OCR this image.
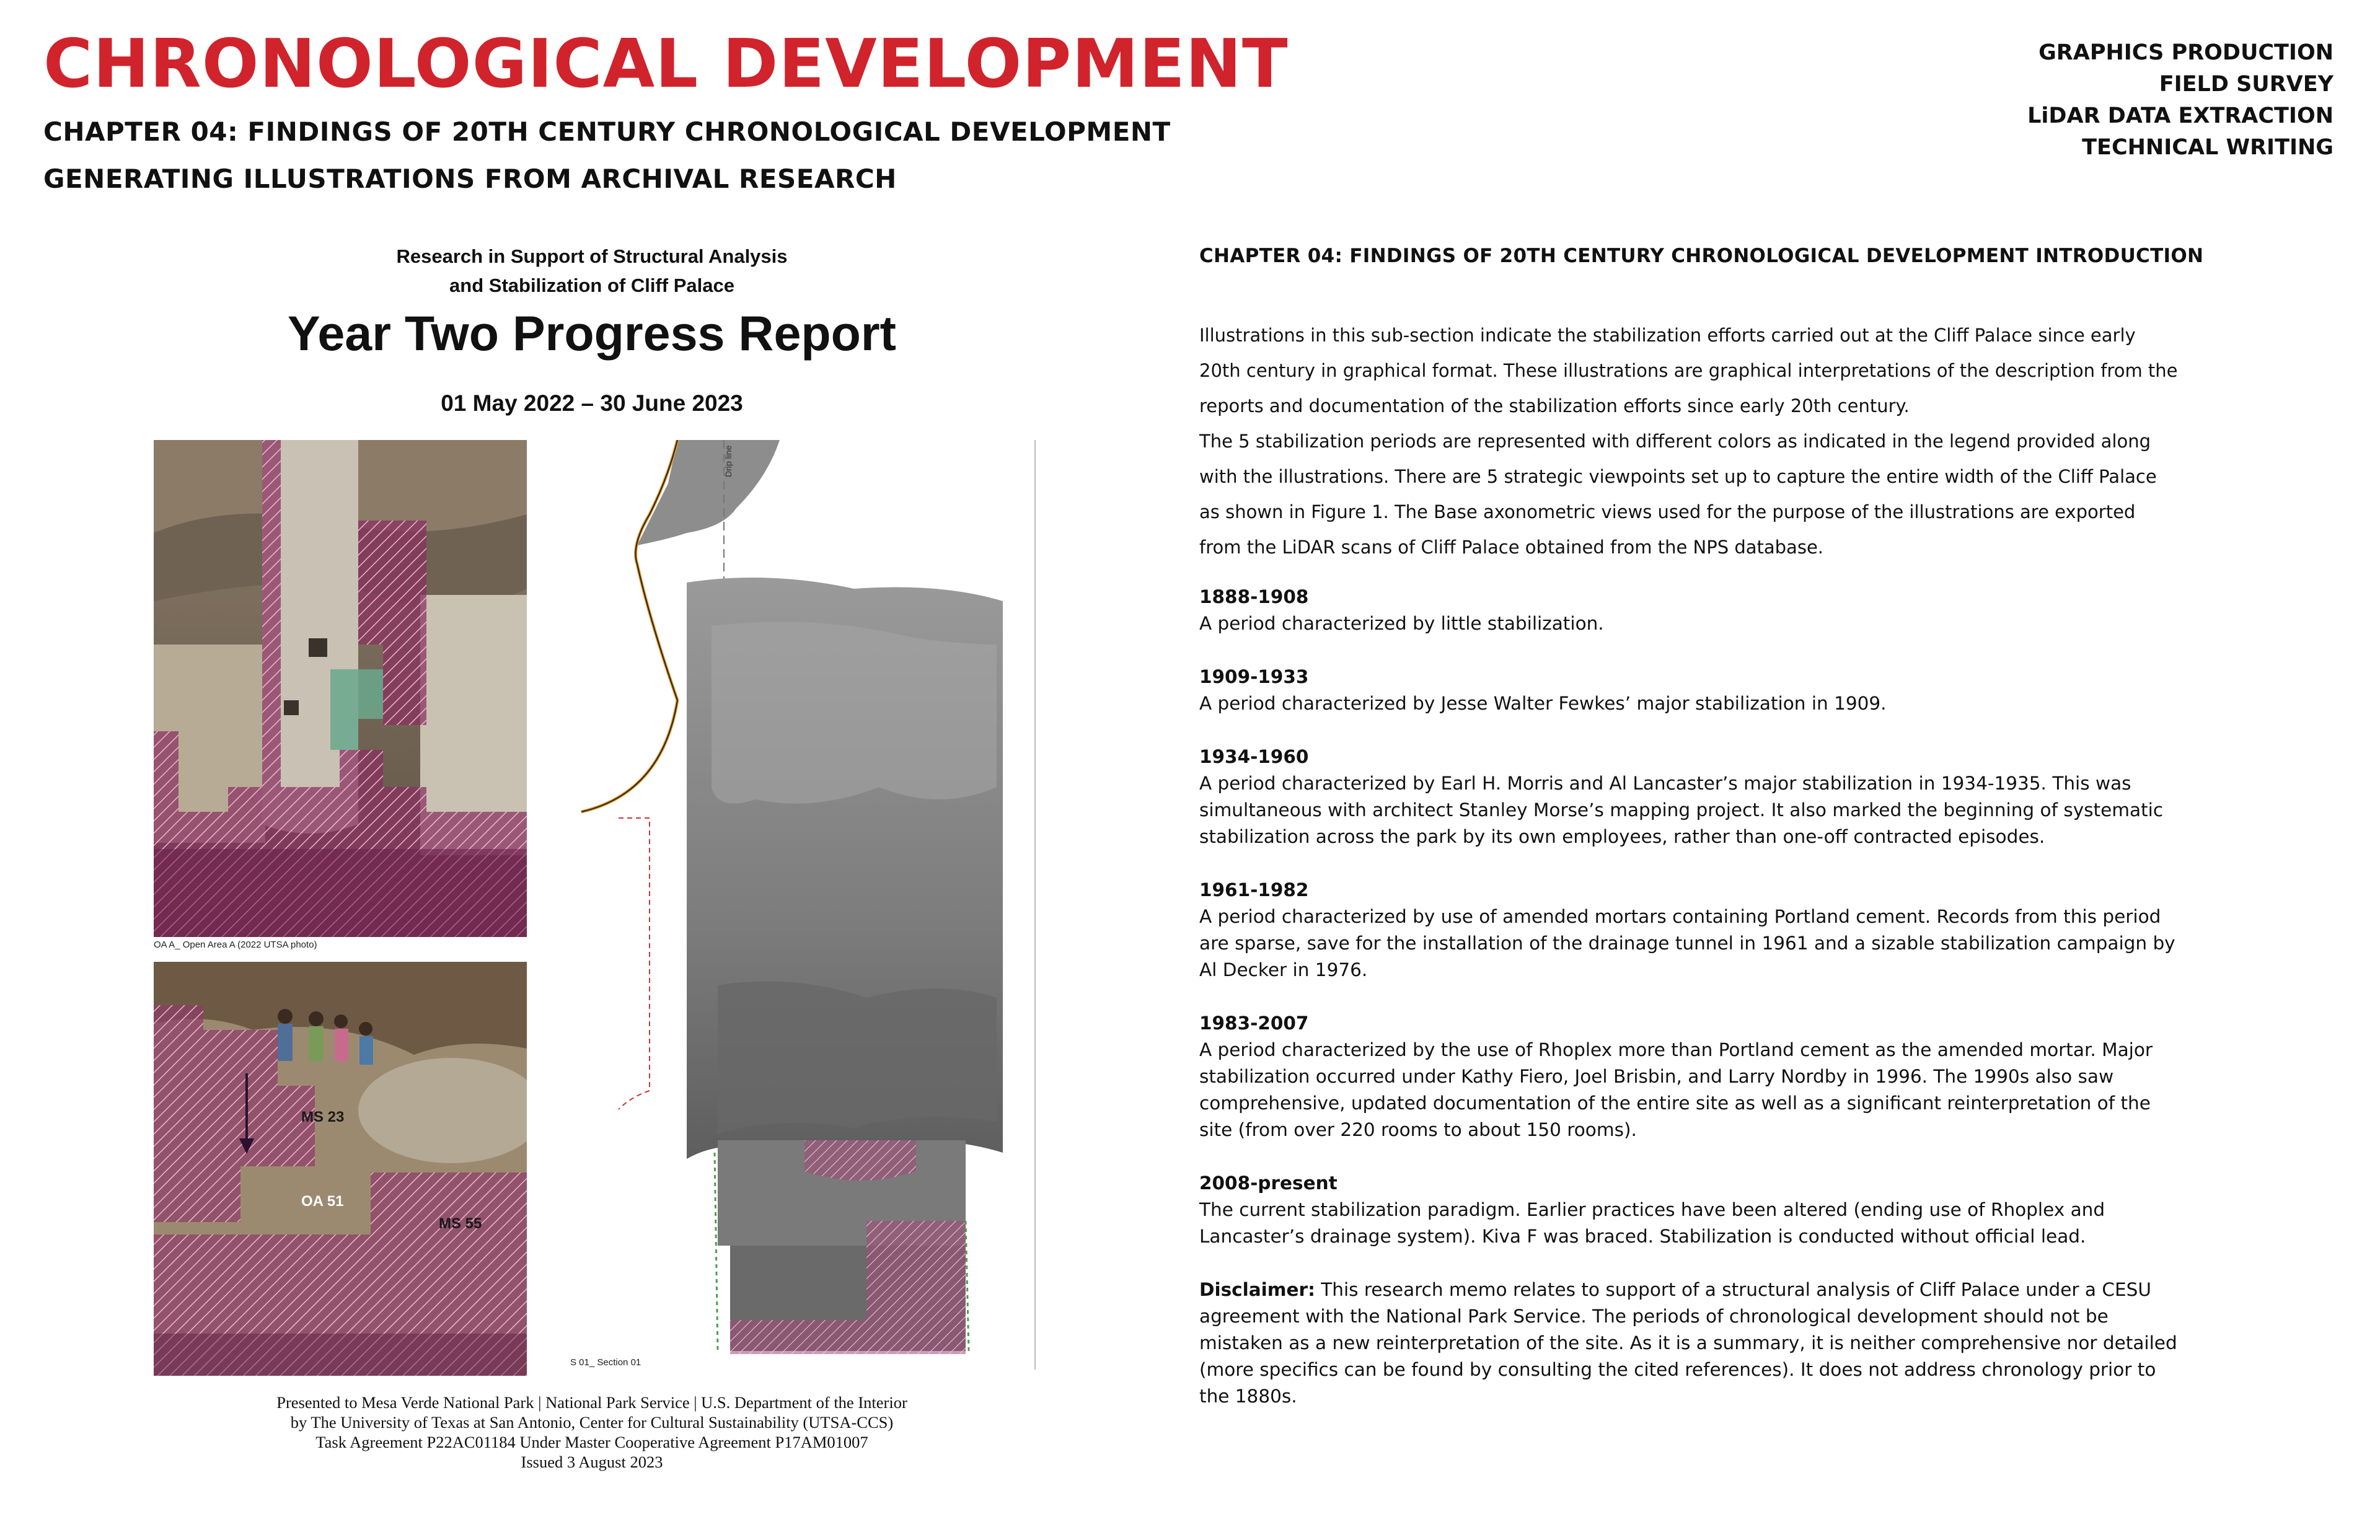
CHRONOLOGICAL DEVELOPMENT
CHAPTER 04: FINDINGS OF 20TH CENTURY CHRONOLOGICAL DEVELOPMENT
GENERATING ILLUSTRATIONS FROM ARCHIVAL RESEARCH
GRAPHICS PRODUCTION
FIELD SURVEY
LiDAR DATA EXTRACTION
TECHNICAL WRITING
Research in Support of Structural Analysis
and Stabilization of Cliff Palace
Year Two Progress Report
01 May 2022 – 30 June 2023
OA A_ Open Area A (2022 UTSA photo)
MS 23
OA 51
MS 55
Drip line
S 01_ Section 01
Presented to Mesa Verde National Park | National Park Service | U.S. Department of the Interior
by The University of Texas at San Antonio, Center for Cultural Sustainability (UTSA-CCS)
Task Agreement P22AC01184 Under Master Cooperative Agreement P17AM01007
Issued 3 August 2023
CHAPTER 04: FINDINGS OF 20TH CENTURY CHRONOLOGICAL DEVELOPMENT INTRODUCTION

Illustrations in this sub-section indicate the stabilization efforts carried out at the Cliff Palace since early 20th century in graphical format. These illustrations are graphical interpretations of the description from the reports and documentation of the stabilization efforts since early 20th century.

The 5 stabilization periods are represented with different colors as indicated in the legend provided along with the illustrations. There are 5 strategic viewpoints set up to capture the entire width of the Cliff Palace as shown in Figure 1. The Base axonometric views used for the purpose of the illustrations are exported from the LiDAR scans of Cliff Palace obtained from the NPS database.

1888-1908
A period characterized by little stabilization.
1909-1933
A period characterized by Jesse Walter Fewkes’ major stabilization in 1909.
1934-1960
A period characterized by Earl H. Morris and Al Lancaster’s major stabilization in 1934-1935. This was simultaneous with architect Stanley Morse’s mapping project. It also marked the beginning of systematic stabilization across the park by its own employees, rather than one-off contracted episodes.
1961-1982
A period characterized by use of amended mortars containing Portland cement. Records from this period are sparse, save for the installation of the drainage tunnel in 1961 and a sizable stabilization campaign by Al Decker in 1976.
1983-2007
A period characterized by the use of Rhoplex more than Portland cement as the amended mortar. Major stabilization occurred under Kathy Fiero, Joel Brisbin, and Larry Nordby in 1996. The 1990s also saw comprehensive, updated documentation of the entire site as well as a significant reinterpretation of the site (from over 220 rooms to about 150 rooms).
2008-present
The current stabilization paradigm. Earlier practices have been altered (ending use of Rhoplex and Lancaster’s drainage system). Kiva F was braced. Stabilization is conducted without official lead.
Disclaimer: This research memo relates to support of a structural analysis of Cliff Palace under a CESU agreement with the National Park Service. The periods of chronological development should not be mistaken as a new reinterpretation of the site. As it is a summary, it is neither comprehensive nor detailed (more specifics can be found by consulting the cited references). It does not address chronology prior to the 1880s.
